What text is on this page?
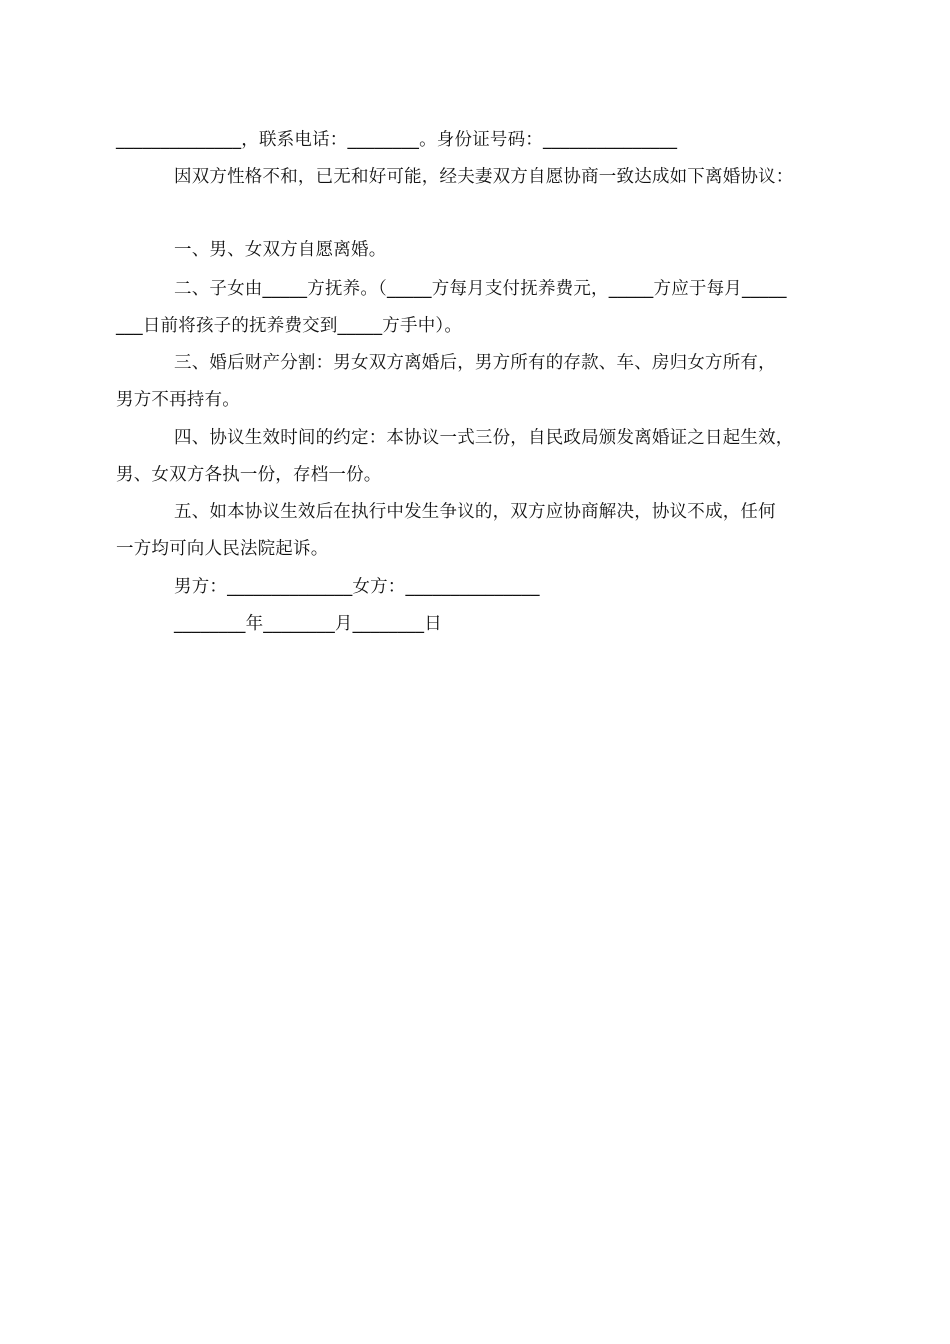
______________，联系电话：________。身份证号码：_______________
因双方性格不和，已无和好可能，经夫妻双方自愿协商一致达成如下离婚协议：
一、男、女双方自愿离婚。
二、子女由_____方抚养。（_____方每月支付抚养费元，_____方应于每月_____
___日前将孩子的抚养费交到_____方手中）。
三、婚后财产分割：男女双方离婚后，男方所有的存款、车、房归女方所有，
男方不再持有。
四、协议生效时间的约定：本协议一式三份，自民政局颁发离婚证之日起生效，
男、女双方各执一份，存档一份。
五、如本协议生效后在执行中发生争议的，双方应协商解决，协议不成，任何
一方均可向人民法院起诉。
男方：______________女方：_______________
________年________月________日
